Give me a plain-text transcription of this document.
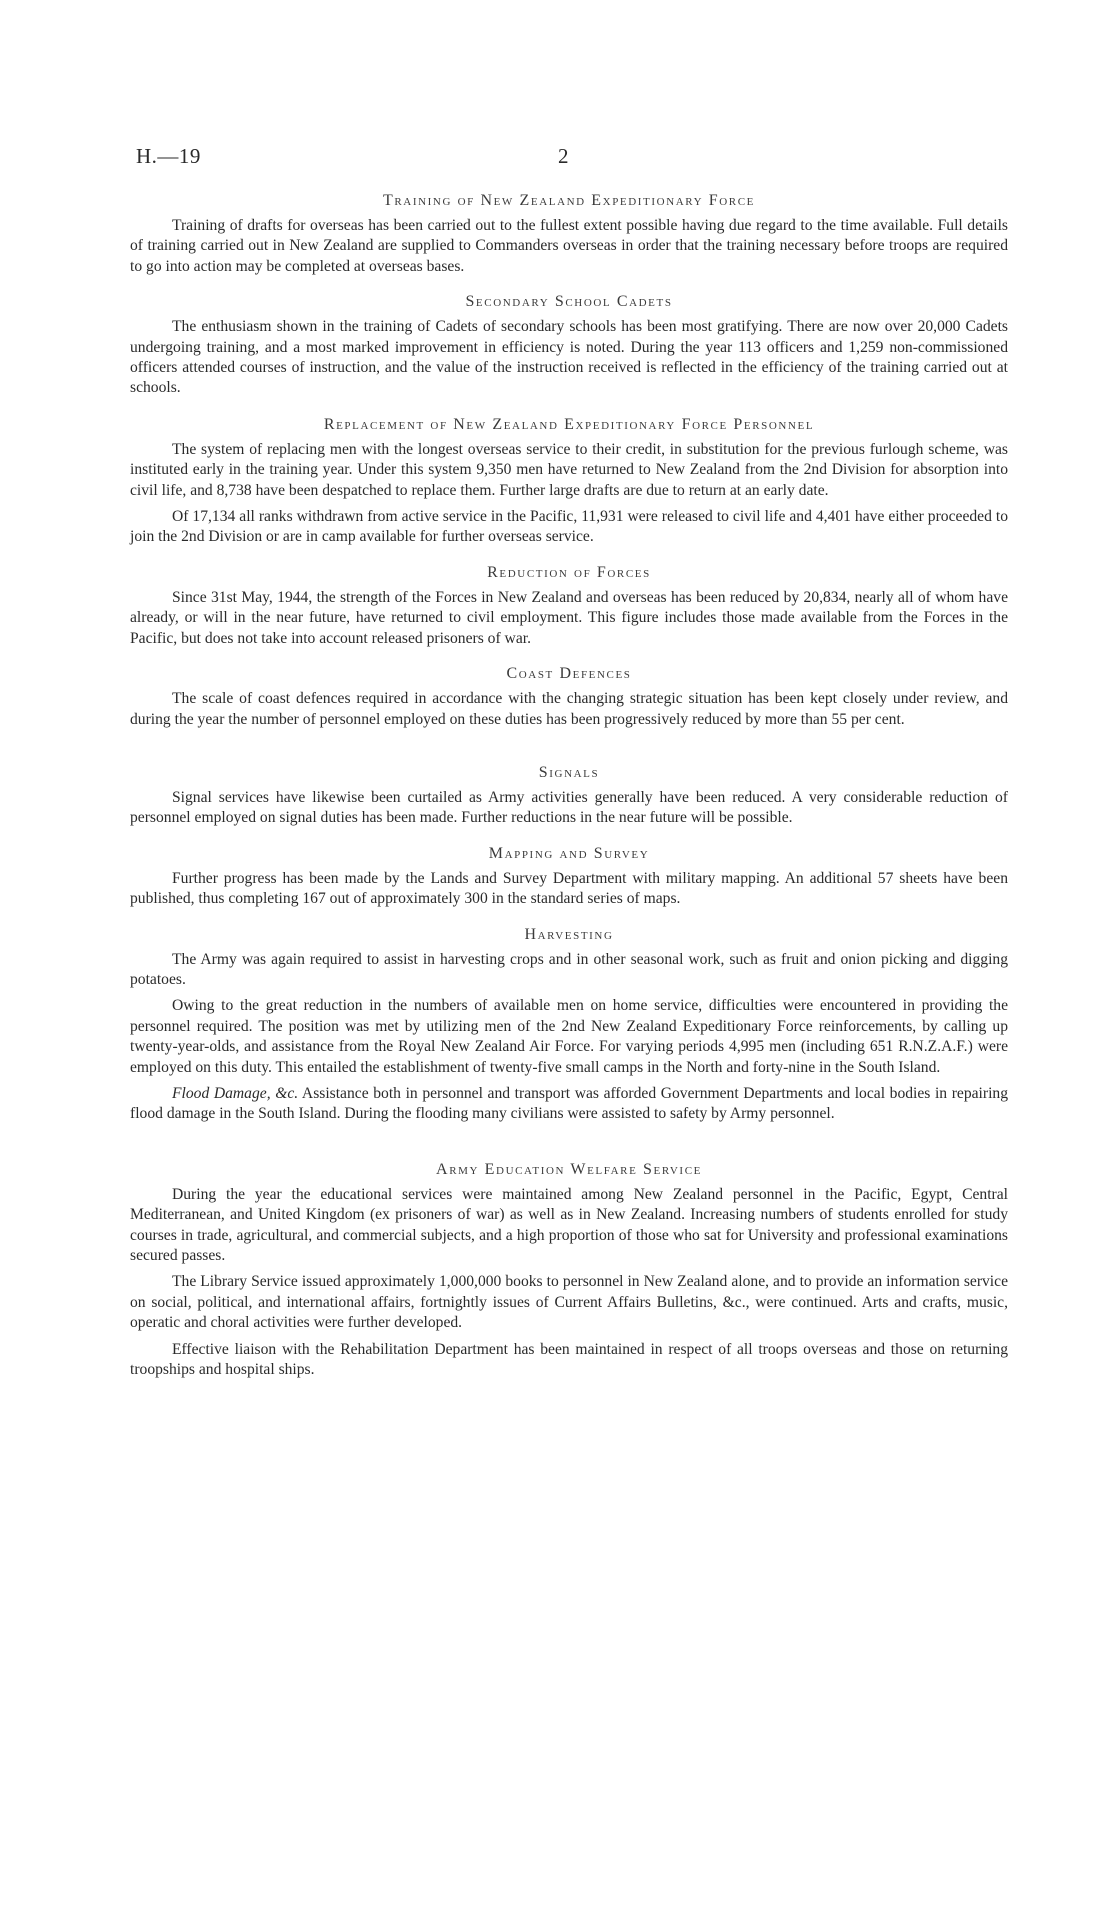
H.—19	2
Training of New Zealand Expeditionary Force

Training of drafts for overseas has been carried out to the fullest extent possible having due regard to the time available. Full details of training carried out in New Zealand are supplied to Commanders overseas in order that the training necessary before troops are required to go into action may be completed at overseas bases.

Secondary School Cadets

The enthusiasm shown in the training of Cadets of secondary schools has been most gratifying. There are now over 20,000 Cadets undergoing training, and a most marked improvement in efficiency is noted. During the year 113 officers and 1,259 non-commissioned officers attended courses of instruction, and the value of the instruction received is reflected in the efficiency of the training carried out at schools.

Replacement of New Zealand Expeditionary Force Personnel

The system of replacing men with the longest overseas service to their credit, in substitution for the previous furlough scheme, was instituted early in the training year. Under this system 9,350 men have returned to New Zealand from the 2nd Division for absorption into civil life, and 8,738 have been despatched to replace them. Further large drafts are due to return at an early date.

Of 17,134 all ranks withdrawn from active service in the Pacific, 11,931 were released to civil life and 4,401 have either proceeded to join the 2nd Division or are in camp available for further overseas service.

Reduction of Forces

Since 31st May, 1944, the strength of the Forces in New Zealand and overseas has been reduced by 20,834, nearly all of whom have already, or will in the near future, have returned to civil employment. This figure includes those made available from the Forces in the Pacific, but does not take into account released prisoners of war.

Coast Defences

The scale of coast defences required in accordance with the changing strategic situation has been kept closely under review, and during the year the number of personnel employed on these duties has been progressively reduced by more than 55 per cent.

Signals

Signal services have likewise been curtailed as Army activities generally have been reduced. A very considerable reduction of personnel employed on signal duties has been made. Further reductions in the near future will be possible.

Mapping and Survey

Further progress has been made by the Lands and Survey Department with military mapping. An additional 57 sheets have been published, thus completing 167 out of approximately 300 in the standard series of maps.

Harvesting

The Army was again required to assist in harvesting crops and in other seasonal work, such as fruit and onion picking and digging potatoes.

Owing to the great reduction in the numbers of available men on home service, difficulties were encountered in providing the personnel required. The position was met by utilizing men of the 2nd New Zealand Expeditionary Force reinforcements, by calling up twenty-year-olds, and assistance from the Royal New Zealand Air Force. For varying periods 4,995 men (including 651 R.N.Z.A.F.) were employed on this duty. This entailed the establishment of twenty-five small camps in the North and forty-nine in the South Island.

Flood Damage, &c. Assistance both in personnel and transport was afforded Government Departments and local bodies in repairing flood damage in the South Island. During the flooding many civilians were assisted to safety by Army personnel.

Army Education Welfare Service

During the year the educational services were maintained among New Zealand personnel in the Pacific, Egypt, Central Mediterranean, and United Kingdom (ex prisoners of war) as well as in New Zealand. Increasing numbers of students enrolled for study courses in trade, agricultural, and commercial subjects, and a high proportion of those who sat for University and professional examinations secured passes.

The Library Service issued approximately 1,000,000 books to personnel in New Zealand alone, and to provide an information service on social, political, and international affairs, fortnightly issues of Current Affairs Bulletins, &c., were continued. Arts and crafts, music, operatic and choral activities were further developed.

Effective liaison with the Rehabilitation Department has been maintained in respect of all troops overseas and those on returning troopships and hospital ships.
